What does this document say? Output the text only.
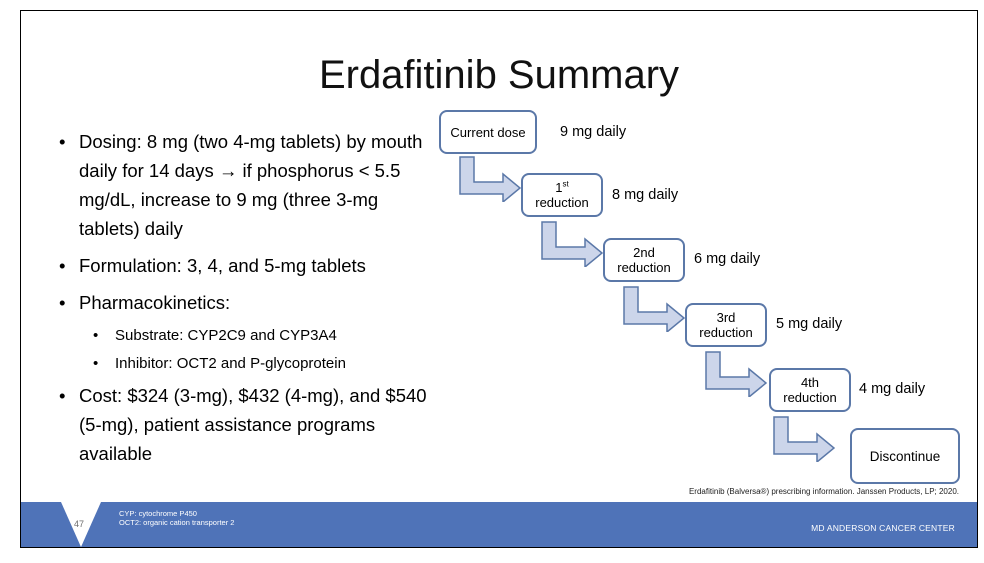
Erdafitinib Summary
• Dosing: 8 mg (two 4-mg tablets) by mouth daily for 14 days → if phosphorus < 5.5 mg/dL, increase to 9 mg (three 3-mg tablets) daily
• Formulation: 3, 4, and 5-mg tablets
• Pharmacokinetics:
• Substrate: CYP2C9 and CYP3A4
• Inhibitor: OCT2 and P-glycoprotein
• Cost: $324 (3-mg), $432 (4-mg), and $540 (5-mg), patient assistance programs available
Current dose 9 mg daily
1st
reduction 8 mg daily
2nd
reduction
6 mg daily
3rd
reduction
5 mg daily
4th
reduction
4 mg daily
Discontinue
Erdafitinib (Balversa®) prescribing information. Janssen Products, LP; 2020.
47
CYP: cytochrome P450
OCT2: organic cation transporter 2
MD ANDERSON CANCER CENTER
